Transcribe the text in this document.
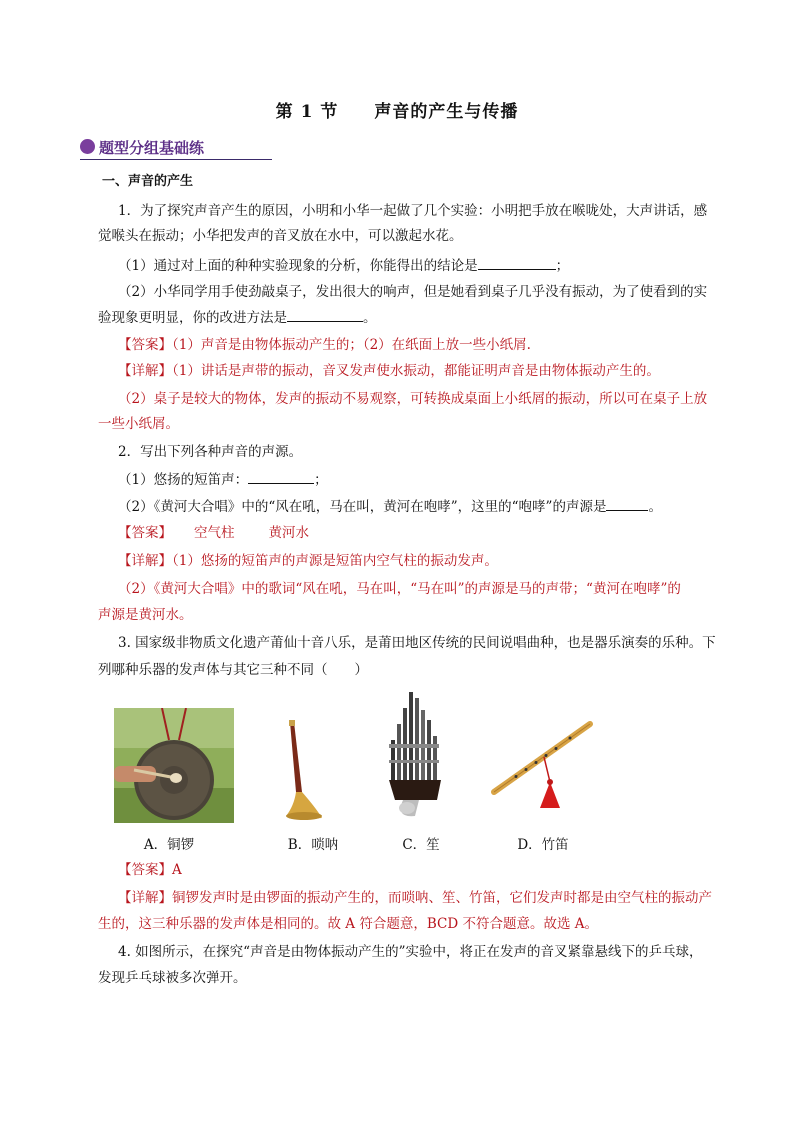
第 1 节 声音的产生与传播
题型分组基础练
一、声音的产生
1．为了探究声音产生的原因，小明和小华一起做了几个实验：小明把手放在喉咙处，大声讲话，感
觉喉头在振动；小华把发声的音叉放在水中，可以激起水花。
（1）通过对上面的种种实验现象的分析，你能得出的结论是	；
（2）小华同学用手使劲敲桌子，发出很大的响声，但是她看到桌子几乎没有振动，为了使看到的实
验现象更明显，你的改进方法是	。
【答案】（1）声音是由物体振动产生的；（2）在纸面上放一些小纸屑.
【详解】（1）讲话是声带的振动，音叉发声使水振动，都能证明声音是由物体振动产生的。
（2）桌子是较大的物体，发声的振动不易观察，可转换成桌面上小纸屑的振动，所以可在桌子上放
一些小纸屑。
2．写出下列各种声音的声源。
（1）悠扬的短笛声：	；
（2）《黄河大合唱》中的“风在吼，马在叫，黄河在咆哮”，这里的“咆哮”的声源是	。
【答案】 空气柱	黄河水
【详解】（1）悠扬的短笛声的声源是短笛内空气柱的振动发声。
（2）《黄河大合唱》中的歌词“风在吼，马在叫，“马在叫”的声源是马的声带；“黄河在咆哮”的
声源是黄河水。
3. 国家级非物质文化遗产莆仙十音八乐，是莆田地区传统的民间说唱曲种，也是器乐演奏的乐种。下
列哪种乐器的发声体与其它三种不同（　　）
A．铜锣	B．唢呐	C．笙	D．竹笛
【答案】A
【详解】铜锣发声时是由锣面的振动产生的，而唢呐、笙、竹笛，它们发声时都是由空气柱的振动产
生的，这三种乐器的发声体是相同的。故 A 符合题意，BCD 不符合题意。故选 A。
4. 如图所示，在探究“声音是由物体振动产生的”实验中，将正在发声的音叉紧靠悬线下的乒乓球，
发现乒乓球被多次弹开。
